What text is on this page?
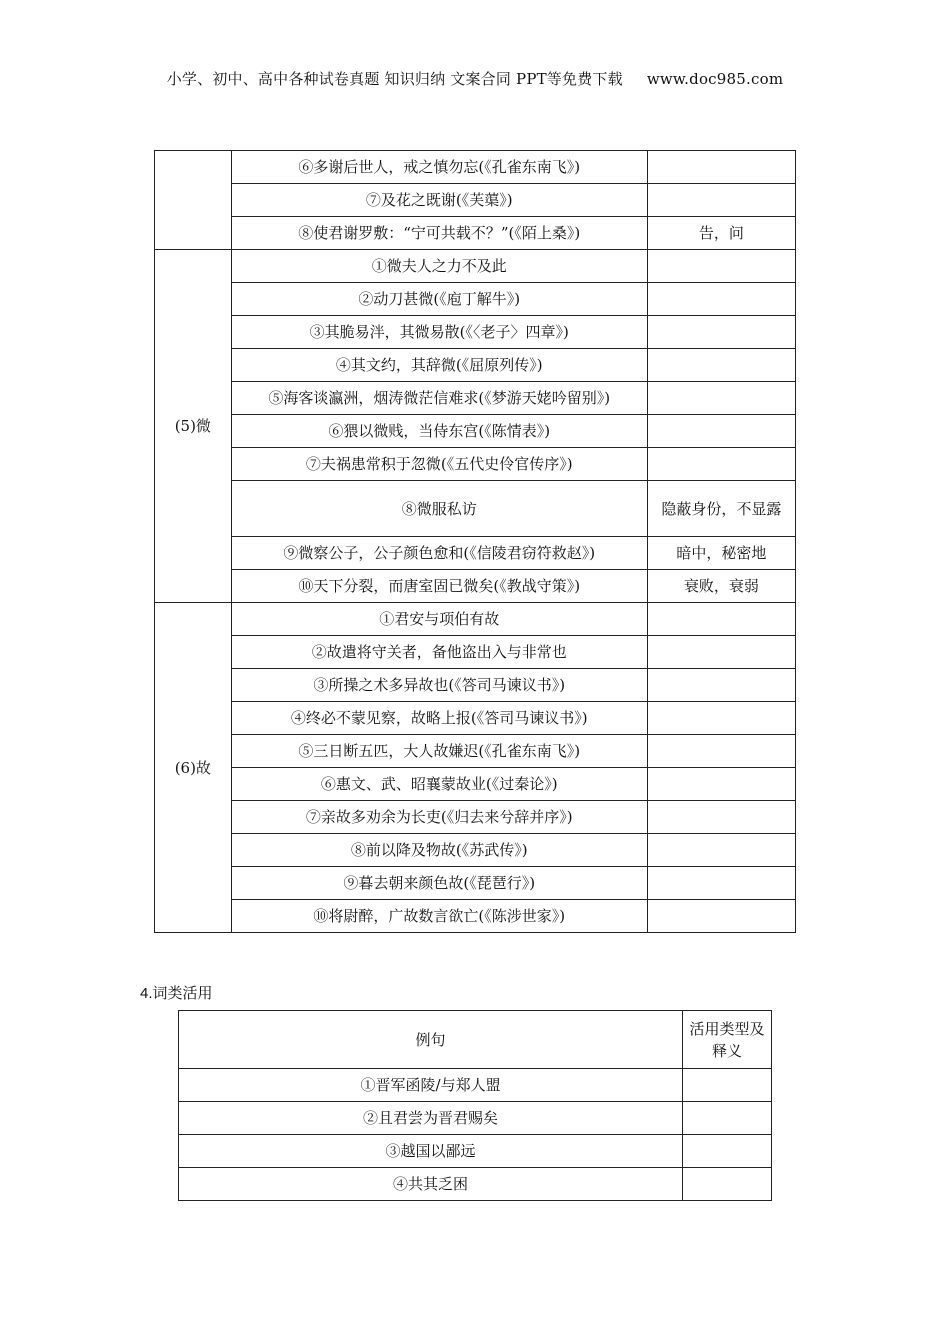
小学、初中、高中各种试卷真题 知识归纳 文案合同 PPT等免费下载 www.doc985.com
	⑥多谢后世人，戒之慎勿忘(《孔雀东南飞》)	
	⑦及花之既谢(《芙蕖》)	
	⑧使君谢罗敷：“宁可共载不？”(《陌上桑》)	告，问
(5)微	①微夫人之力不及此	
	②动刀甚微(《庖丁解牛》)	
	③其脆易泮，其微易散(《〈老子〉四章》)	
	④其文约，其辞微(《屈原列传》)	
	⑤海客谈瀛洲，烟涛微茫信难求(《梦游天姥吟留别》)	
	⑥猥以微贱，当侍东宫(《陈情表》)	
	⑦夫祸患常积于忽微(《五代史伶官传序》)	
	⑧微服私访	隐蔽身份，不显露
	⑨微察公子，公子颜色愈和(《信陵君窃符救赵》)	暗中，秘密地
	⑩天下分裂，而唐室固已微矣(《教战守策》)	衰败，衰弱
(6)故	①君安与项伯有故	
	②故遣将守关者，备他盗出入与非常也	
	③所操之术多异故也(《答司马谏议书》)	
	④终必不蒙见察，故略上报(《答司马谏议书》)	
	⑤三日断五匹，大人故嫌迟(《孔雀东南飞》)	
	⑥惠文、武、昭襄蒙故业(《过秦论》)	
	⑦亲故多劝余为长吏(《归去来兮辞并序》)	
	⑧前以降及物故(《苏武传》)	
	⑨暮去朝来颜色故(《琵琶行》)	
	⑩将尉醉，广故数言欲亡(《陈涉世家》)	
4.词类活用
例句	活用类型及释义
①晋军函陵/与郑人盟	
②且君尝为晋君赐矣	
③越国以鄙远	
④共其乏困	
